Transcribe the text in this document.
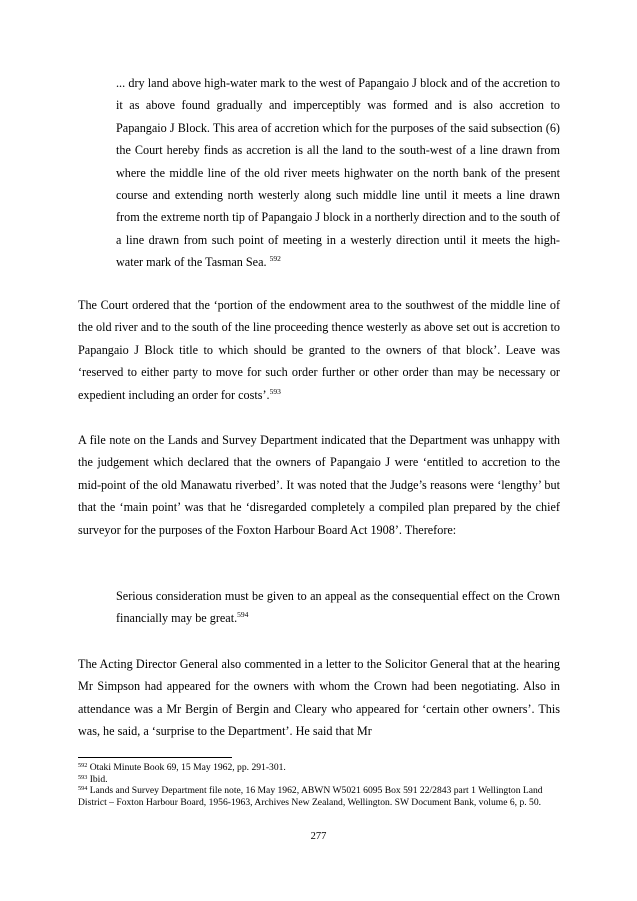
... dry land above high-water mark to the west of Papangaio J block and of the accretion to it as above found gradually and imperceptibly was formed and is also accretion to Papangaio J Block. This area of accretion which for the purposes of the said subsection (6) the Court hereby finds as accretion is all the land to the south-west of a line drawn from where the middle line of the old river meets highwater on the north bank of the present course and extending north westerly along such middle line until it meets a line drawn from the extreme north tip of Papangaio J block in a northerly direction and to the south of a line drawn from such point of meeting in a westerly direction until it meets the high-water mark of the Tasman Sea. $^{592}$
The Court ordered that the ‘portion of the endowment area to the southwest of the middle line of the old river and to the south of the line proceeding thence westerly as above set out is accretion to Papangaio J Block title to which should be granted to the owners of that block’. Leave was ‘reserved to either party to move for such order further or other order than may be necessary or expedient including an order for costs’.$^{593}$
A file note on the Lands and Survey Department indicated that the Department was unhappy with the judgement which declared that the owners of Papangaio J were ‘entitled to accretion to the mid-point of the old Manawatu riverbed’. It was noted that the Judge’s reasons were ‘lengthy’ but that the ‘main point’ was that he ‘disregarded completely a compiled plan prepared by the chief surveyor for the purposes of the Foxton Harbour Board Act 1908’. Therefore:
Serious consideration must be given to an appeal as the consequential effect on the Crown financially may be great.$^{594}$
The Acting Director General also commented in a letter to the Solicitor General that at the hearing Mr Simpson had appeared for the owners with whom the Crown had been negotiating. Also in attendance was a Mr Bergin of Bergin and Cleary who appeared for ‘certain other owners’. This was, he said, a ‘surprise to the Department’. He said that Mr

$^{592}$ Otaki Minute Book 69, 15 May 1962, pp. 291-301.

$^{593}$ Ibid.

$^{594}$ Lands and Survey Department file note, 16 May 1962, ABWN W5021 6095 Box 591 22/2843 part 1 Wellington Land District – Foxton Harbour Board, 1956-1963, Archives New Zealand, Wellington. SW Document Bank, volume 6, p. 50.

277
